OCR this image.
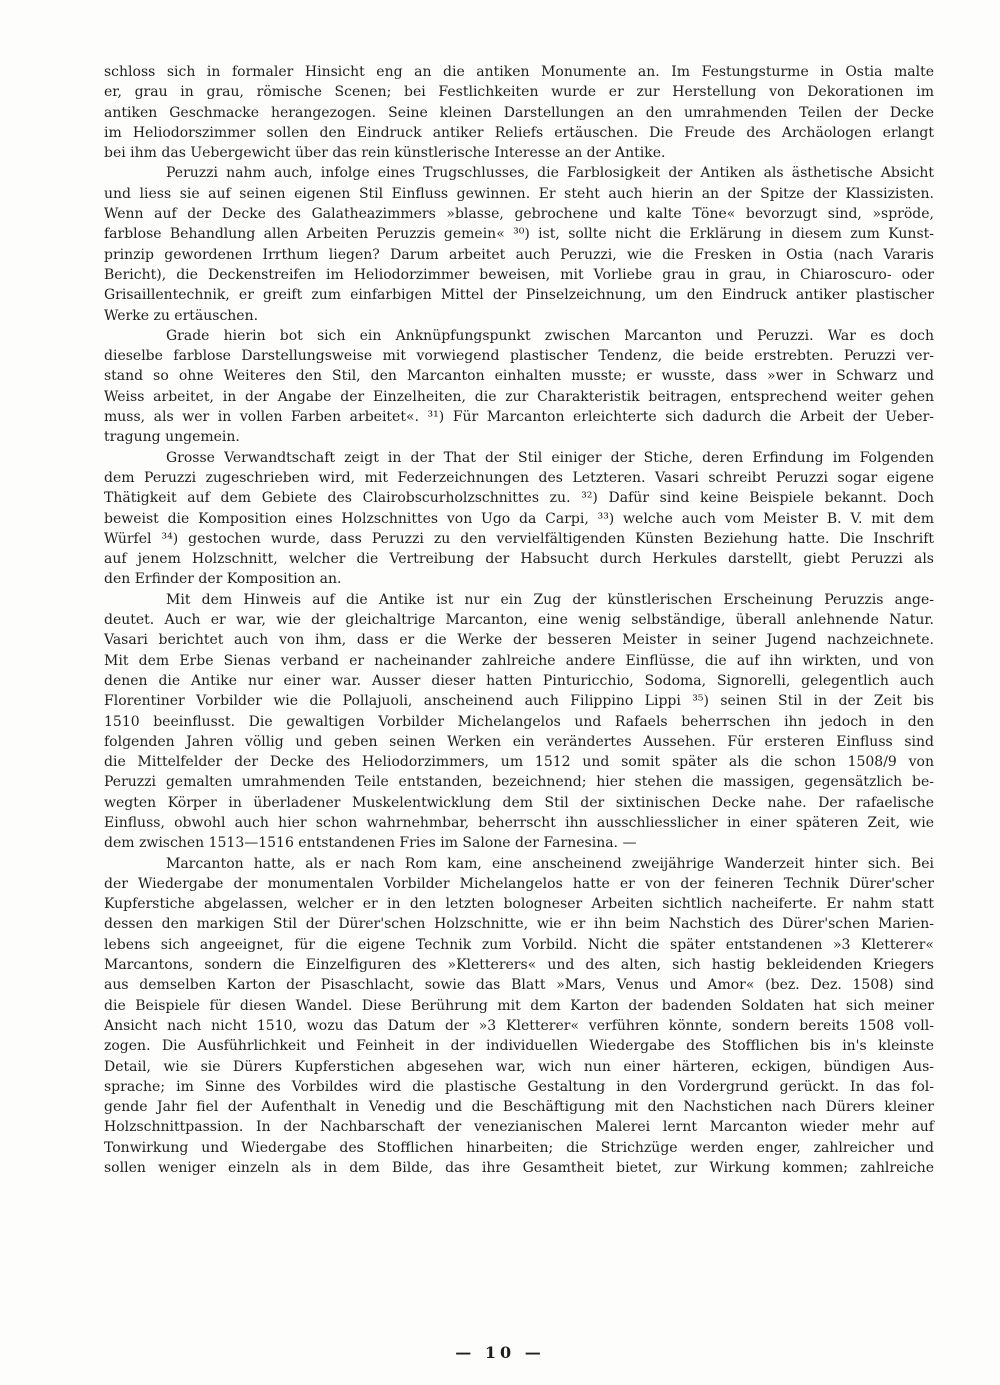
schloss sich in formaler Hinsicht eng an die antiken Monumente an. Im Festungsturme in Ostia malte
er, grau in grau, römische Scenen; bei Festlichkeiten wurde er zur Herstellung von Dekorationen im
antiken Geschmacke herangezogen. Seine kleinen Darstellungen an den umrahmenden Teilen der Decke
im Heliodorszimmer sollen den Eindruck antiker Reliefs ertäuschen. Die Freude des Archäologen erlangt
bei ihm das Uebergewicht über das rein künstlerische Interesse an der Antike.
Peruzzi nahm auch, infolge eines Trugschlusses, die Farblosigkeit der Antiken als ästhetische Absicht
und liess sie auf seinen eigenen Stil Einfluss gewinnen. Er steht auch hierin an der Spitze der Klassizisten.
Wenn auf der Decke des Galatheazimmers »blasse, gebrochene und kalte Töne« bevorzugt sind, »spröde,
farblose Behandlung allen Arbeiten Peruzzis gemein« ³⁰) ist, sollte nicht die Erklärung in diesem zum Kunst-
prinzip gewordenen Irrthum liegen? Darum arbeitet auch Peruzzi, wie die Fresken in Ostia (nach Vararis
Bericht), die Deckenstreifen im Heliodorzimmer beweisen, mit Vorliebe grau in grau, in Chiaroscuro- oder
Grisaillentechnik, er greift zum einfarbigen Mittel der Pinselzeichnung, um den Eindruck antiker plastischer
Werke zu ertäuschen.
Grade hierin bot sich ein Anknüpfungspunkt zwischen Marcanton und Peruzzi. War es doch
dieselbe farblose Darstellungsweise mit vorwiegend plastischer Tendenz, die beide erstrebten. Peruzzi ver-
stand so ohne Weiteres den Stil, den Marcanton einhalten musste; er wusste, dass »wer in Schwarz und
Weiss arbeitet, in der Angabe der Einzelheiten, die zur Charakteristik beitragen, entsprechend weiter gehen
muss, als wer in vollen Farben arbeitet«. ³¹) Für Marcanton erleichterte sich dadurch die Arbeit der Ueber-
tragung ungemein.
Grosse Verwandtschaft zeigt in der That der Stil einiger der Stiche, deren Erfindung im Folgenden
dem Peruzzi zugeschrieben wird, mit Federzeichnungen des Letzteren. Vasari schreibt Peruzzi sogar eigene
Thätigkeit auf dem Gebiete des Clairobscurholzschnittes zu. ³²) Dafür sind keine Beispiele bekannt. Doch
beweist die Komposition eines Holzschnittes von Ugo da Carpi, ³³) welche auch vom Meister B. V. mit dem
Würfel ³⁴) gestochen wurde, dass Peruzzi zu den vervielfältigenden Künsten Beziehung hatte. Die Inschrift
auf jenem Holzschnitt, welcher die Vertreibung der Habsucht durch Herkules darstellt, giebt Peruzzi als
den Erfinder der Komposition an.
Mit dem Hinweis auf die Antike ist nur ein Zug der künstlerischen Erscheinung Peruzzis ange-
deutet. Auch er war, wie der gleichaltrige Marcanton, eine wenig selbständige, überall anlehnende Natur.
Vasari berichtet auch von ihm, dass er die Werke der besseren Meister in seiner Jugend nachzeichnete.
Mit dem Erbe Sienas verband er nacheinander zahlreiche andere Einflüsse, die auf ihn wirkten, und von
denen die Antike nur einer war. Ausser dieser hatten Pinturicchio, Sodoma, Signorelli, gelegentlich auch
Florentiner Vorbilder wie die Pollajuoli, anscheinend auch Filippino Lippi ³⁵) seinen Stil in der Zeit bis
1510 beeinflusst. Die gewaltigen Vorbilder Michelangelos und Rafaels beherrschen ihn jedoch in den
folgenden Jahren völlig und geben seinen Werken ein verändertes Aussehen. Für ersteren Einfluss sind
die Mittelfelder der Decke des Heliodorzimmers, um 1512 und somit später als die schon 1508/9 von
Peruzzi gemalten umrahmenden Teile entstanden, bezeichnend; hier stehen die massigen, gegensätzlich be-
wegten Körper in überladener Muskelentwicklung dem Stil der sixtinischen Decke nahe. Der rafaelische
Einfluss, obwohl auch hier schon wahrnehmbar, beherrscht ihn ausschliesslicher in einer späteren Zeit, wie
dem zwischen 1513—1516 entstandenen Fries im Salone der Farnesina. —
Marcanton hatte, als er nach Rom kam, eine anscheinend zweijährige Wanderzeit hinter sich. Bei
der Wiedergabe der monumentalen Vorbilder Michelangelos hatte er von der feineren Technik Dürer'scher
Kupferstiche abgelassen, welcher er in den letzten bologneser Arbeiten sichtlich nacheiferte. Er nahm statt
dessen den markigen Stil der Dürer'schen Holzschnitte, wie er ihn beim Nachstich des Dürer'schen Marien-
lebens sich angeeignet, für die eigene Technik zum Vorbild. Nicht die später entstandenen »3 Kletterer«
Marcantons, sondern die Einzelfiguren des »Kletterers« und des alten, sich hastig bekleidenden Kriegers
aus demselben Karton der Pisaschlacht, sowie das Blatt »Mars, Venus und Amor« (bez. Dez. 1508) sind
die Beispiele für diesen Wandel. Diese Berührung mit dem Karton der badenden Soldaten hat sich meiner
Ansicht nach nicht 1510, wozu das Datum der »3 Kletterer« verführen könnte, sondern bereits 1508 voll-
zogen. Die Ausführlichkeit und Feinheit in der individuellen Wiedergabe des Stofflichen bis in's kleinste
Detail, wie sie Dürers Kupferstichen abgesehen war, wich nun einer härteren, eckigen, bündigen Aus-
sprache; im Sinne des Vorbildes wird die plastische Gestaltung in den Vordergrund gerückt. In das fol-
gende Jahr fiel der Aufenthalt in Venedig und die Beschäftigung mit den Nachstichen nach Dürers kleiner
Holzschnittpassion. In der Nachbarschaft der venezianischen Malerei lernt Marcanton wieder mehr auf
Tonwirkung und Wiedergabe des Stofflichen hinarbeiten; die Strichzüge werden enger, zahlreicher und
sollen weniger einzeln als in dem Bilde, das ihre Gesamtheit bietet, zur Wirkung kommen; zahlreiche
— 10 —
